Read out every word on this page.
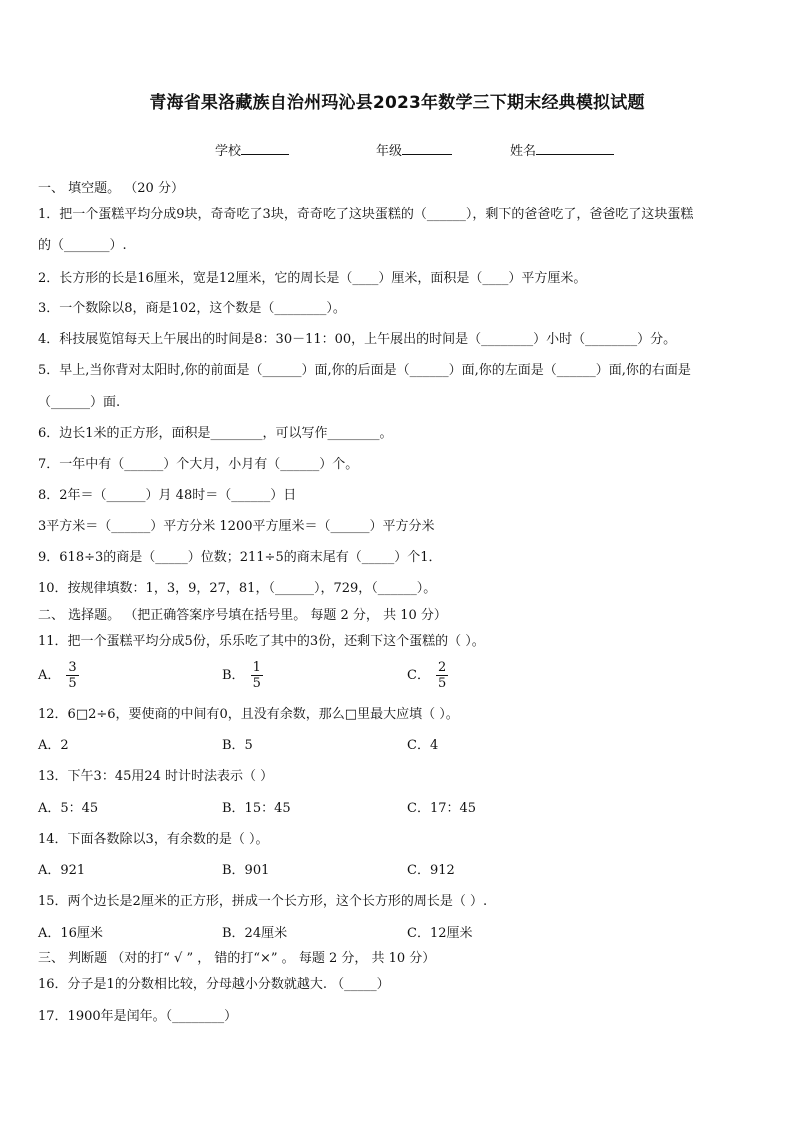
青海省果洛藏族自治州玛沁县2023年数学三下期末经典模拟试题
学校	年级	姓名
一、 填空题。 （20 分）
1．把一个蛋糕平均分成9块，奇奇吃了3块，奇奇吃了这块蛋糕的（______），剩下的爸爸吃了，爸爸吃了这块蛋糕
的（_______）.
2．长方形的长是16厘米，宽是12厘米，它的周长是（____）厘米，面积是（____）平方厘米。
3．一个数除以8，商是102，这个数是（________）。
4．科技展览馆每天上午展出的时间是8：30－11：00，上午展出的时间是（________）小时（________）分。
5．早上,当你背对太阳时,你的前面是（______）面,你的后面是（______）面,你的左面是（______）面,你的右面是
（______）面.
6．边长1米的正方形，面积是________，可以写作________。
7．一年中有（______）个大月，小月有（______）个。
8．2年＝（______）月 48时＝（______）日
3平方米＝（______）平方分米 1200平方厘米＝（______）平方分米
9．618÷3的商是（_____）位数；211÷5的商末尾有（_____）个1．
10．按规律填数：1，3，9，27，81，（______），729，（______）。
二、 选择题。 （把正确答案序号填在括号里。 每题 2 分， 共 10 分）
11．把一个蛋糕平均分成5份，乐乐吃了其中的3份，还剩下这个蛋糕的（ ）。
A． $\frac{3}{5}$	B． $\frac{1}{5}$	C． $\frac{2}{5}$
12．6□2÷6，要使商的中间有0，且没有余数，那么□里最大应填（ ）。
A．2	B．5	C．4
13．下午3：45用24 时计时法表示（ ）
A．5：45	B．15：45	C．17：45
14．下面各数除以3，有余数的是（ ）。
A．921	B．901	C．912
15．两个边长是2厘米的正方形，拼成一个长方形，这个长方形的周长是（ ）.
A．16厘米	B．24厘米	C．12厘米
三、 判断题 （对的打“ √ ” ， 错的打“×” 。 每题 2 分， 共 10 分）
16．分子是1的分数相比较，分母越小分数就越大. （_____）
17．1900年是闰年。（________）
